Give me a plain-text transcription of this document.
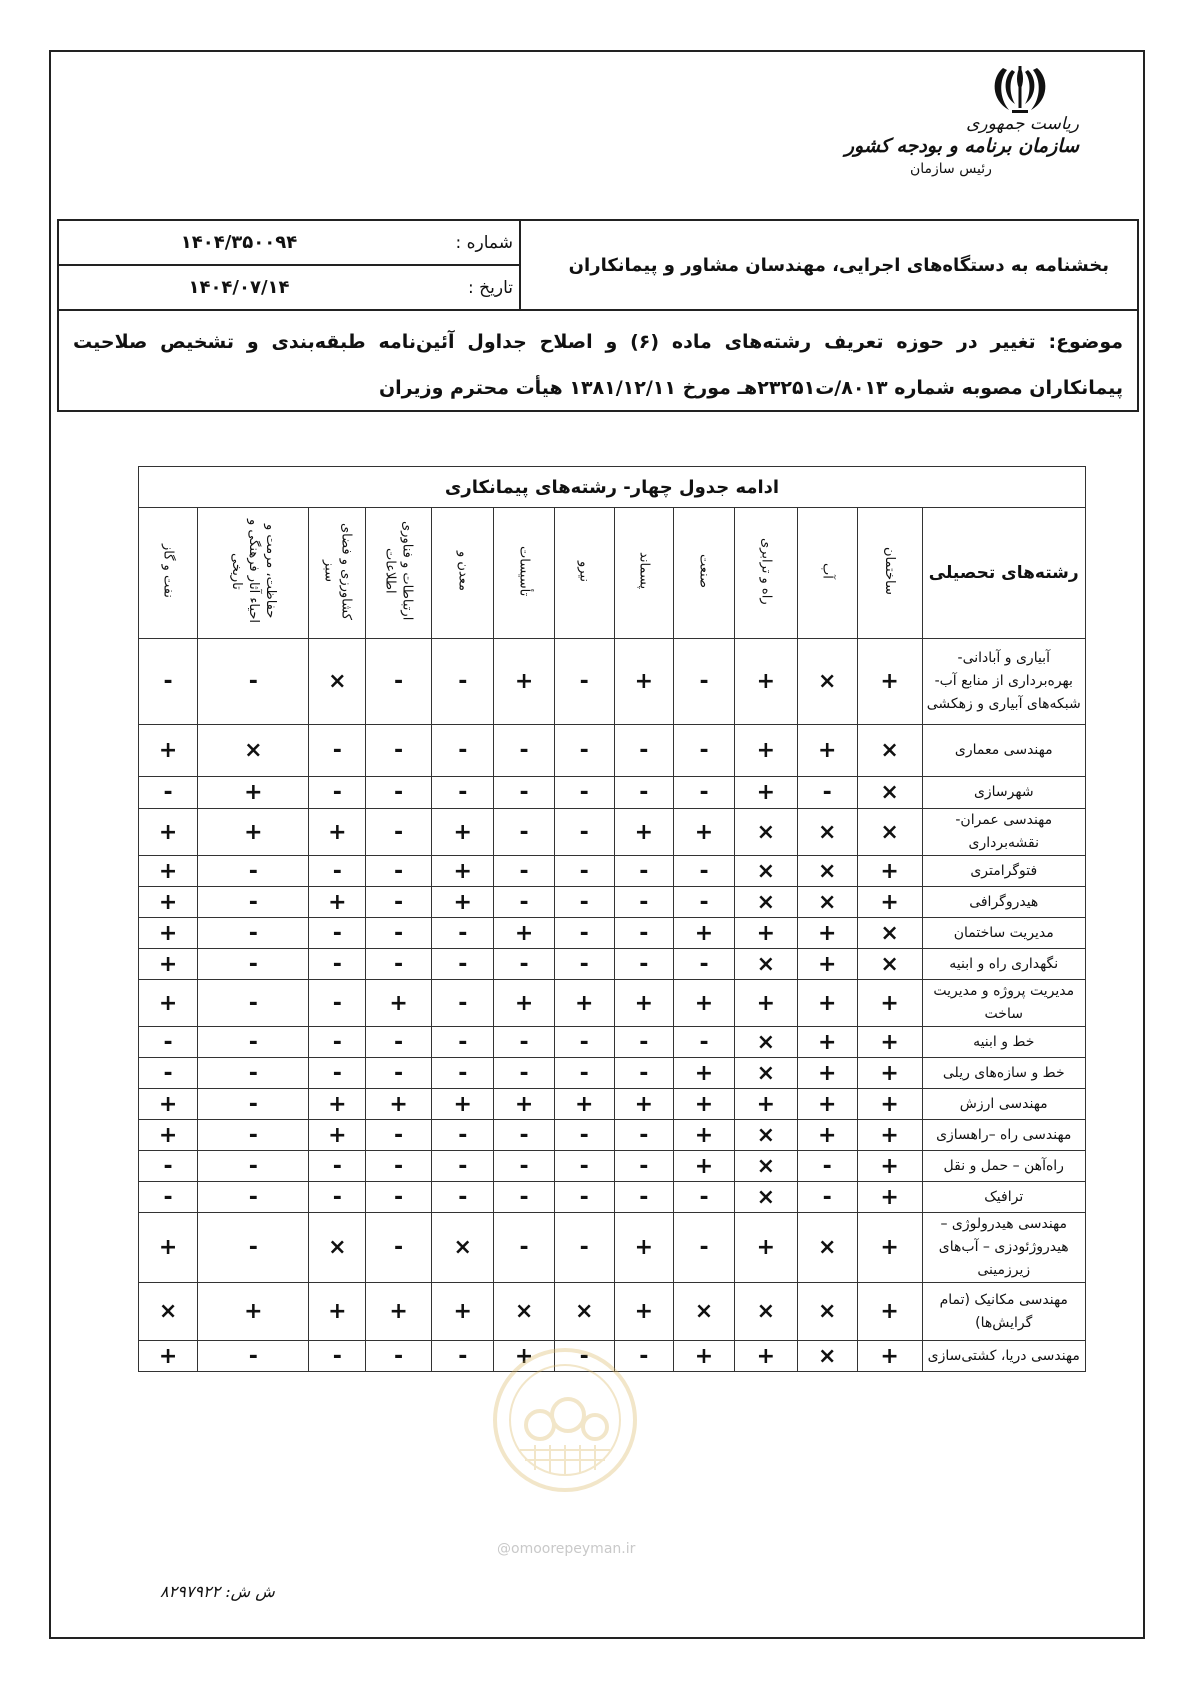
ریاست جمهوری
سازمان برنامه و بودجه کشور
رئیس سازمان
بخشنامه به دستگاه‌های اجرایی، مهندسان مشاور و پیمانکاران
شماره :
۱۴۰۴/۳۵۰۰۹۴
تاریخ :
۱۴۰۴/۰۷/۱۴
موضوع: تغییر در حوزه تعریف رشته‌های ماده (۶) و اصلاح جداول آئین‌نامه طبقه‌بندی و تشخیص صلاحیت پیمانکاران مصوبه شماره ۸۰۱۳/ت۲۳۲۵۱هـ مورخ ۱۳۸۱/۱۲/۱۱ هیأت محترم وزیران
ادامه جدول چهار- رشته‌های پیمانکاری												
رشته‌های تحصیلی	ساختمان	آب	راه و ترابری	صنعت	پسماند	نیرو	تأسیسات	معدن و	ارتباطات و فناوری اطلاعات	کشاورزی و فضای سبز	حفاظت، مرمت و احیاء آثار فرهنگی و تاریخی	نفت و گاز

آبیاری و آبادانی-
بهره‌برداری از منابع آب-
شبکه‌های آبیاری و زهکشی	+	×	+	-	+	-	+	-	-	×	-	-

مهندسی معماری	×	+	+	-	-	-	-	-	-	-	×	+

شهرسازی	×	-	+	-	-	-	-	-	-	-	+	-

مهندسی عمران- نقشه‌برداری	×	×	×	+	+	-	-	+	-	+	+	+

فتوگرامتری	+	×	×	-	-	-	-	+	-	-	-	+

هیدروگرافی	+	×	×	-	-	-	-	+	-	+	-	+

مدیریت ساختمان	×	+	+	+	-	-	+	-	-	-	-	+

نگهداری راه و ابنیه	×	+	×	-	-	-	-	-	-	-	-	+

مدیریت پروژه و مدیریت ساخت	+	+	+	+	+	+	+	-	+	-	-	+

خط و ابنیه	+	+	×	-	-	-	-	-	-	-	-	-

خط و سازه‌های ریلی	+	+	×	+	-	-	-	-	-	-	-	-

مهندسی ارزش	+	+	+	+	+	+	+	+	+	+	-	+

مهندسی راه –راهسازی	+	+	×	+	-	-	-	-	-	+	-	+

راه‌آهن – حمل و نقل	+	-	×	+	-	-	-	-	-	-	-	-

ترافیک	+	-	×	-	-	-	-	-	-	-	-	-

مهندسی هیدرولوژی –
هیدروژئودزی – آب‌های زیرزمینی	+	×	+	-	+	-	-	×	-	×	-	+

مهندسی مکانیک (تمام گرایش‌ها)	+	×	×	×	+	×	×	+	+	+	+	×

مهندسی دریا، کشتی‌سازی	+	×	+	+	-	-	+	-	-	-	-	+
@omoorepeyman.ir
ش ش: ۸۲۹۷۹۲۲
